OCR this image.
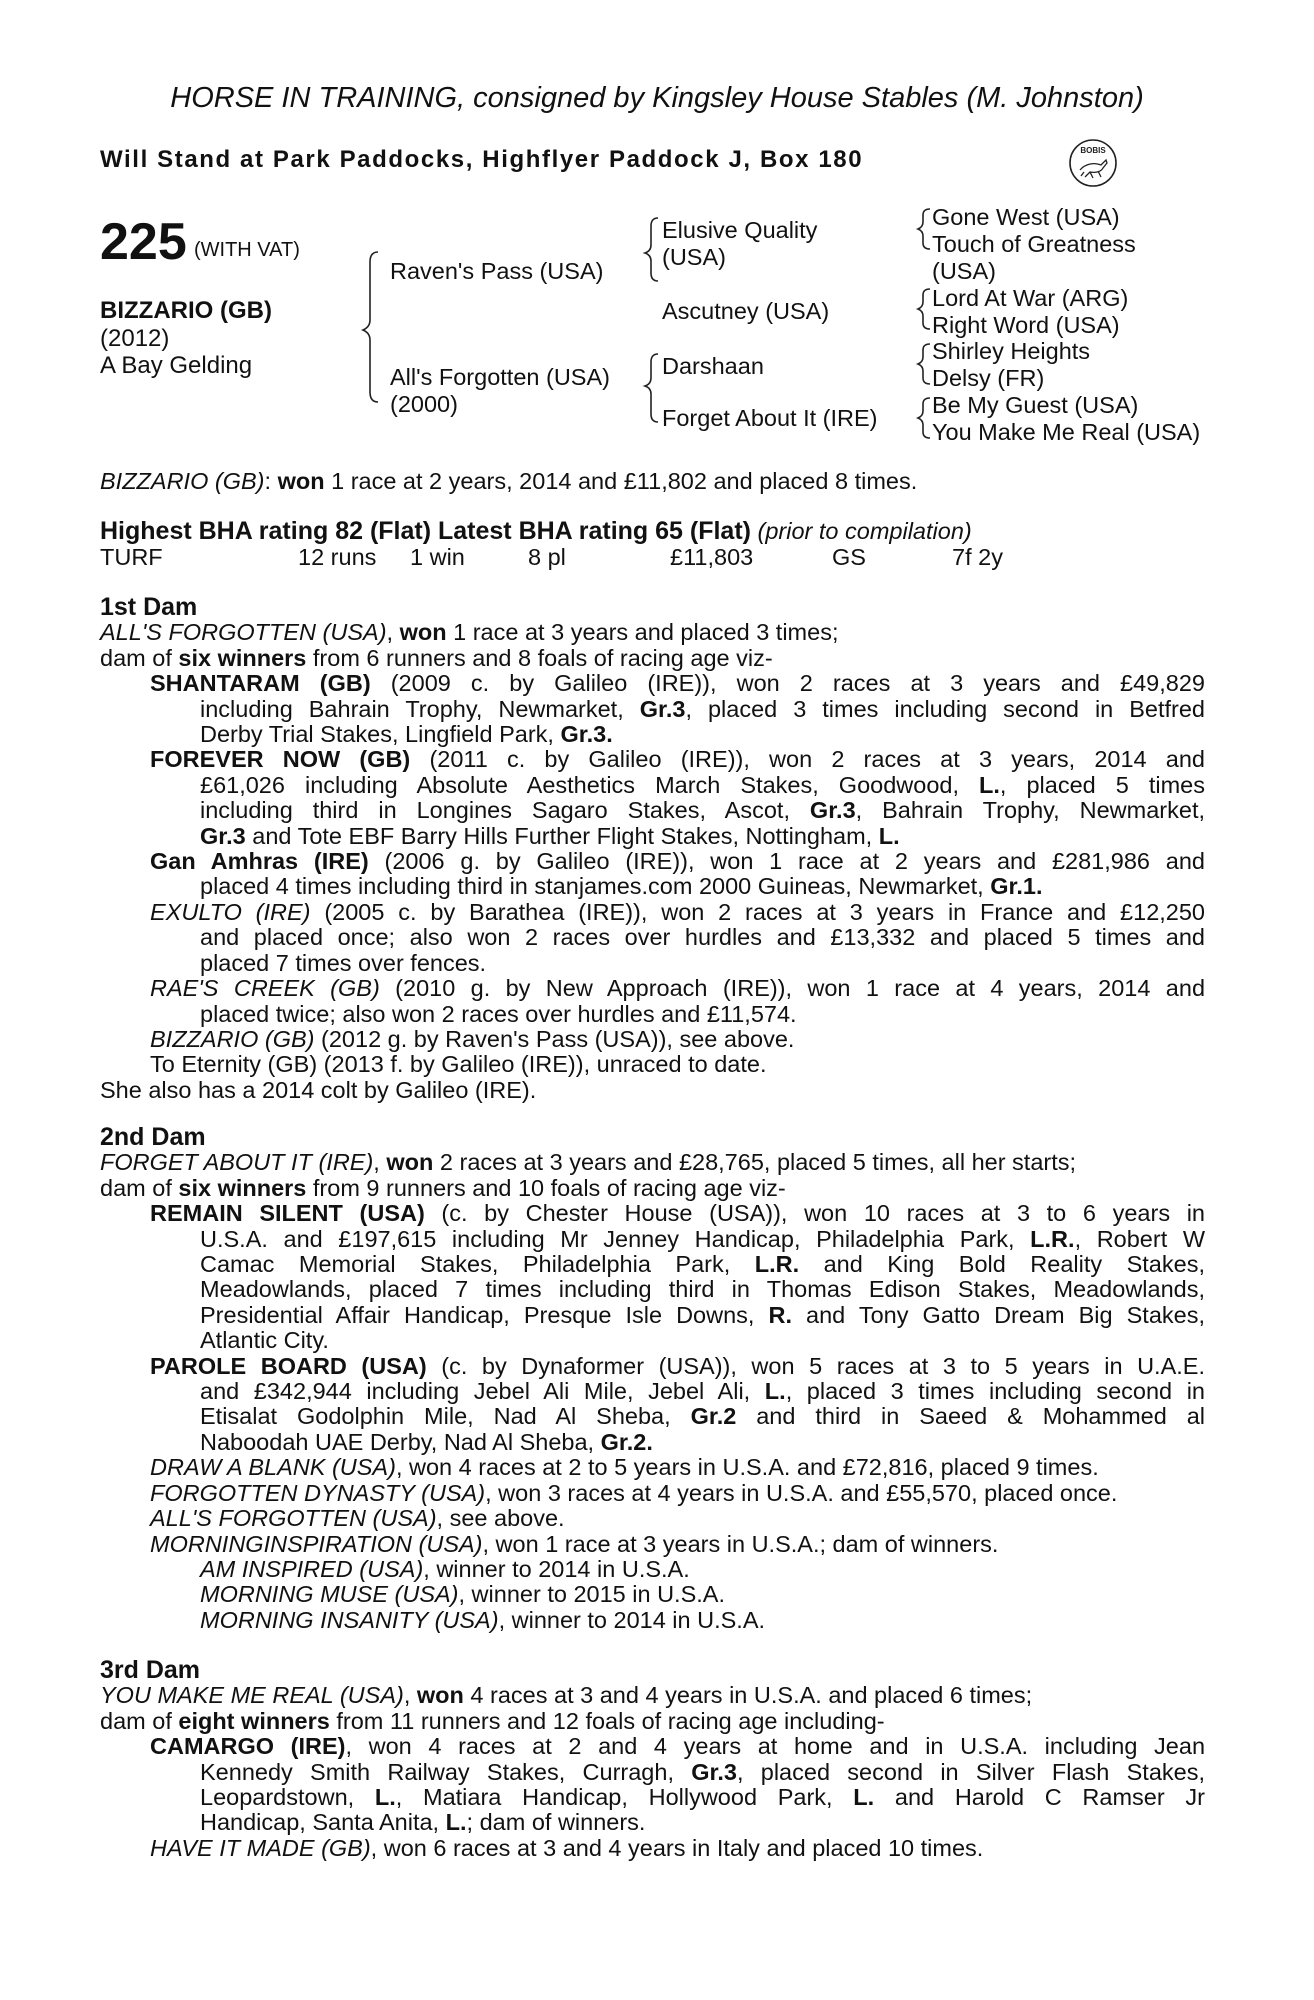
HORSE IN TRAINING, consigned by Kingsley House Stables (M. Johnston)
Will Stand at Park Paddocks, Highflyer Paddock J, Box 180	BOBIS
225 (WITH VAT)
BIZZARIO (GB)
(2012)
A Bay Gelding
Raven's Pass (USA)
All's Forgotten (USA)
(2000)
Elusive Quality
(USA)
Ascutney (USA)
Darshaan
Forget About It (IRE)
Gone West (USA)
Touch of Greatness
(USA)
Lord At War (ARG)
Right Word (USA)
Shirley Heights
Delsy (FR)
Be My Guest (USA)
You Make Me Real (USA)
BIZZARIO (GB): won 1 race at 2 years, 2014 and £11,802 and placed 8 times.
Highest BHA rating 82 (Flat) Latest BHA rating 65 (Flat) (prior to compilation)
TURF	12 runs 1 win	8 pl	£11,803	GS	7f 2y
1st Dam
ALL'S FORGOTTEN (USA), won 1 race at 3 years and placed 3 times;
dam of six winners from 6 runners and 8 foals of racing age viz-
SHANTARAM (GB) (2009 c. by Galileo (IRE)), won 2 races at 3 years and £49,829
including Bahrain Trophy, Newmarket, Gr.3, placed 3 times including second in Betfred
Derby Trial Stakes, Lingfield Park, Gr.3.
FOREVER NOW (GB) (2011 c. by Galileo (IRE)), won 2 races at 3 years, 2014 and
£61,026 including Absolute Aesthetics March Stakes, Goodwood, L., placed 5 times
including third in Longines Sagaro Stakes, Ascot, Gr.3, Bahrain Trophy, Newmarket,
Gr.3 and Tote EBF Barry Hills Further Flight Stakes, Nottingham, L.
Gan Amhras (IRE) (2006 g. by Galileo (IRE)), won 1 race at 2 years and £281,986 and
placed 4 times including third in stanjames.com 2000 Guineas, Newmarket, Gr.1.
EXULTO (IRE) (2005 c. by Barathea (IRE)), won 2 races at 3 years in France and £12,250
and placed once; also won 2 races over hurdles and £13,332 and placed 5 times and
placed 7 times over fences.
RAE'S CREEK (GB) (2010 g. by New Approach (IRE)), won 1 race at 4 years, 2014 and
placed twice; also won 2 races over hurdles and £11,574.
BIZZARIO (GB) (2012 g. by Raven's Pass (USA)), see above.
To Eternity (GB) (2013 f. by Galileo (IRE)), unraced to date.
She also has a 2014 colt by Galileo (IRE).
2nd Dam
FORGET ABOUT IT (IRE), won 2 races at 3 years and £28,765, placed 5 times, all her starts;
dam of six winners from 9 runners and 10 foals of racing age viz-
REMAIN SILENT (USA) (c. by Chester House (USA)), won 10 races at 3 to 6 years in
U.S.A. and £197,615 including Mr Jenney Handicap, Philadelphia Park, L.R., Robert W
Camac Memorial Stakes, Philadelphia Park, L.R. and King Bold Reality Stakes,
Meadowlands, placed 7 times including third in Thomas Edison Stakes, Meadowlands,
Presidential Affair Handicap, Presque Isle Downs, R. and Tony Gatto Dream Big Stakes,
Atlantic City.
PAROLE BOARD (USA) (c. by Dynaformer (USA)), won 5 races at 3 to 5 years in U.A.E.
and £342,944 including Jebel Ali Mile, Jebel Ali, L., placed 3 times including second in
Etisalat Godolphin Mile, Nad Al Sheba, Gr.2 and third in Saeed & Mohammed al
Naboodah UAE Derby, Nad Al Sheba, Gr.2.
DRAW A BLANK (USA), won 4 races at 2 to 5 years in U.S.A. and £72,816, placed 9 times.
FORGOTTEN DYNASTY (USA), won 3 races at 4 years in U.S.A. and £55,570, placed once.
ALL'S FORGOTTEN (USA), see above.
MORNINGINSPIRATION (USA), won 1 race at 3 years in U.S.A.; dam of winners.
AM INSPIRED (USA), winner to 2014 in U.S.A.
MORNING MUSE (USA), winner to 2015 in U.S.A.
MORNING INSANITY (USA), winner to 2014 in U.S.A.
3rd Dam
YOU MAKE ME REAL (USA), won 4 races at 3 and 4 years in U.S.A. and placed 6 times;
dam of eight winners from 11 runners and 12 foals of racing age including-
CAMARGO (IRE), won 4 races at 2 and 4 years at home and in U.S.A. including Jean
Kennedy Smith Railway Stakes, Curragh, Gr.3, placed second in Silver Flash Stakes,
Leopardstown, L., Matiara Handicap, Hollywood Park, L. and Harold C Ramser Jr
Handicap, Santa Anita, L.; dam of winners.
HAVE IT MADE (GB), won 6 races at 3 and 4 years in Italy and placed 10 times.
